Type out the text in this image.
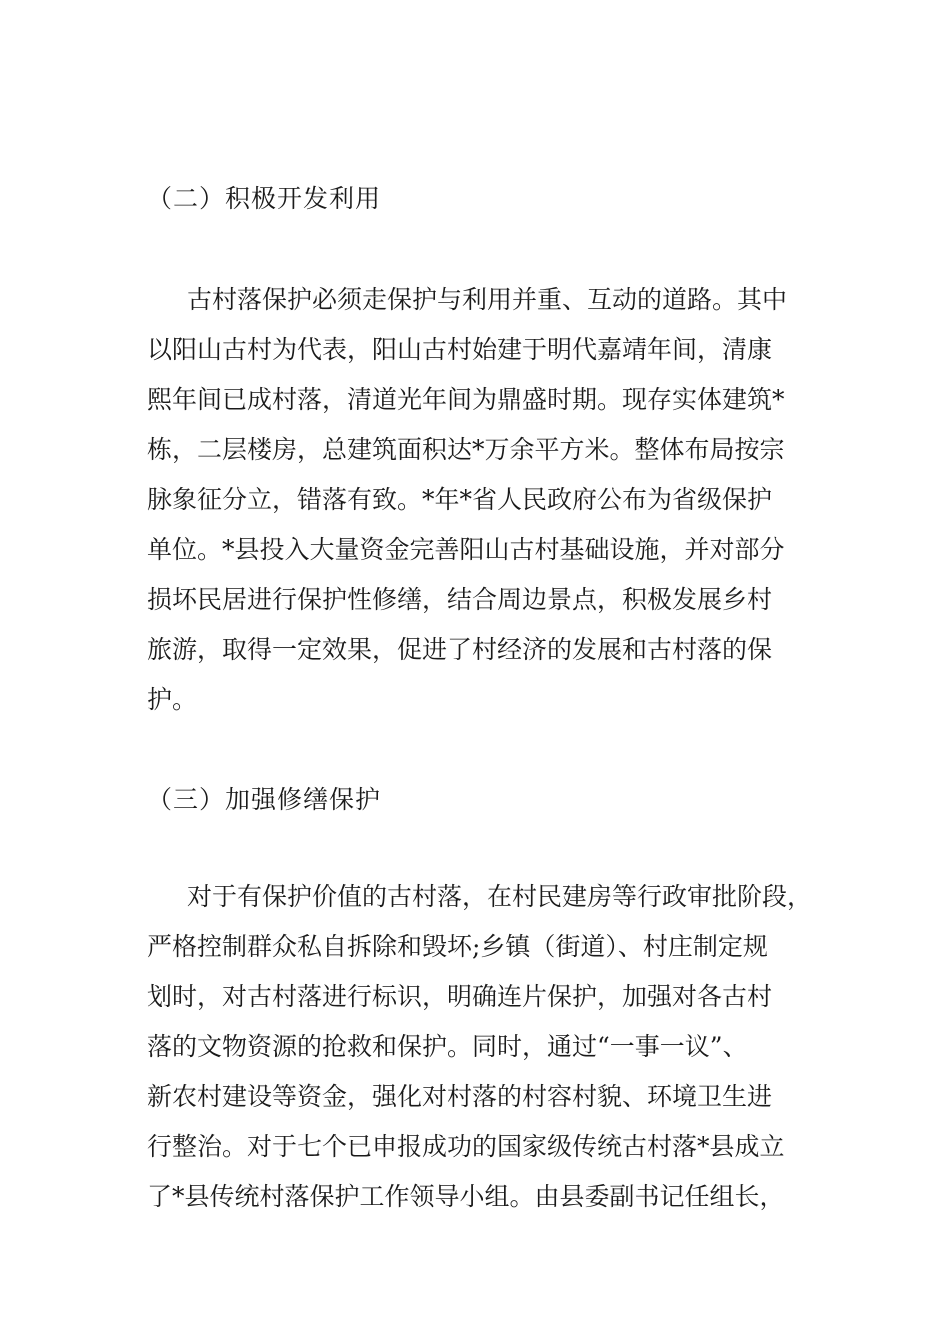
（二）积极开发利用
古村落保护必须走保护与利用并重、互动的道路。其中
以阳山古村为代表，阳山古村始建于明代嘉靖年间，清康
熙年间已成村落，清道光年间为鼎盛时期。现存实体建筑*
栋，二层楼房，总建筑面积达*万余平方米。整体布局按宗
脉象征分立，错落有致。*年*省人民政府公布为省级保护
单位。*县投入大量资金完善阳山古村基础设施，并对部分
损坏民居进行保护性修缮，结合周边景点，积极发展乡村
旅游，取得一定效果，促进了村经济的发展和古村落的保
护。
（三）加强修缮保护
对于有保护价值的古村落，在村民建房等行政审批阶段，
严格控制群众私自拆除和毁坏;乡镇（街道）、村庄制定规
划时，对古村落进行标识，明确连片保护，加强对各古村
落的文物资源的抢救和保护。同时，通过“一事一议”、
新农村建设等资金，强化对村落的村容村貌、环境卫生进
行整治。对于七个已申报成功的国家级传统古村落*县成立
了*县传统村落保护工作领导小组。由县委副书记任组长，
